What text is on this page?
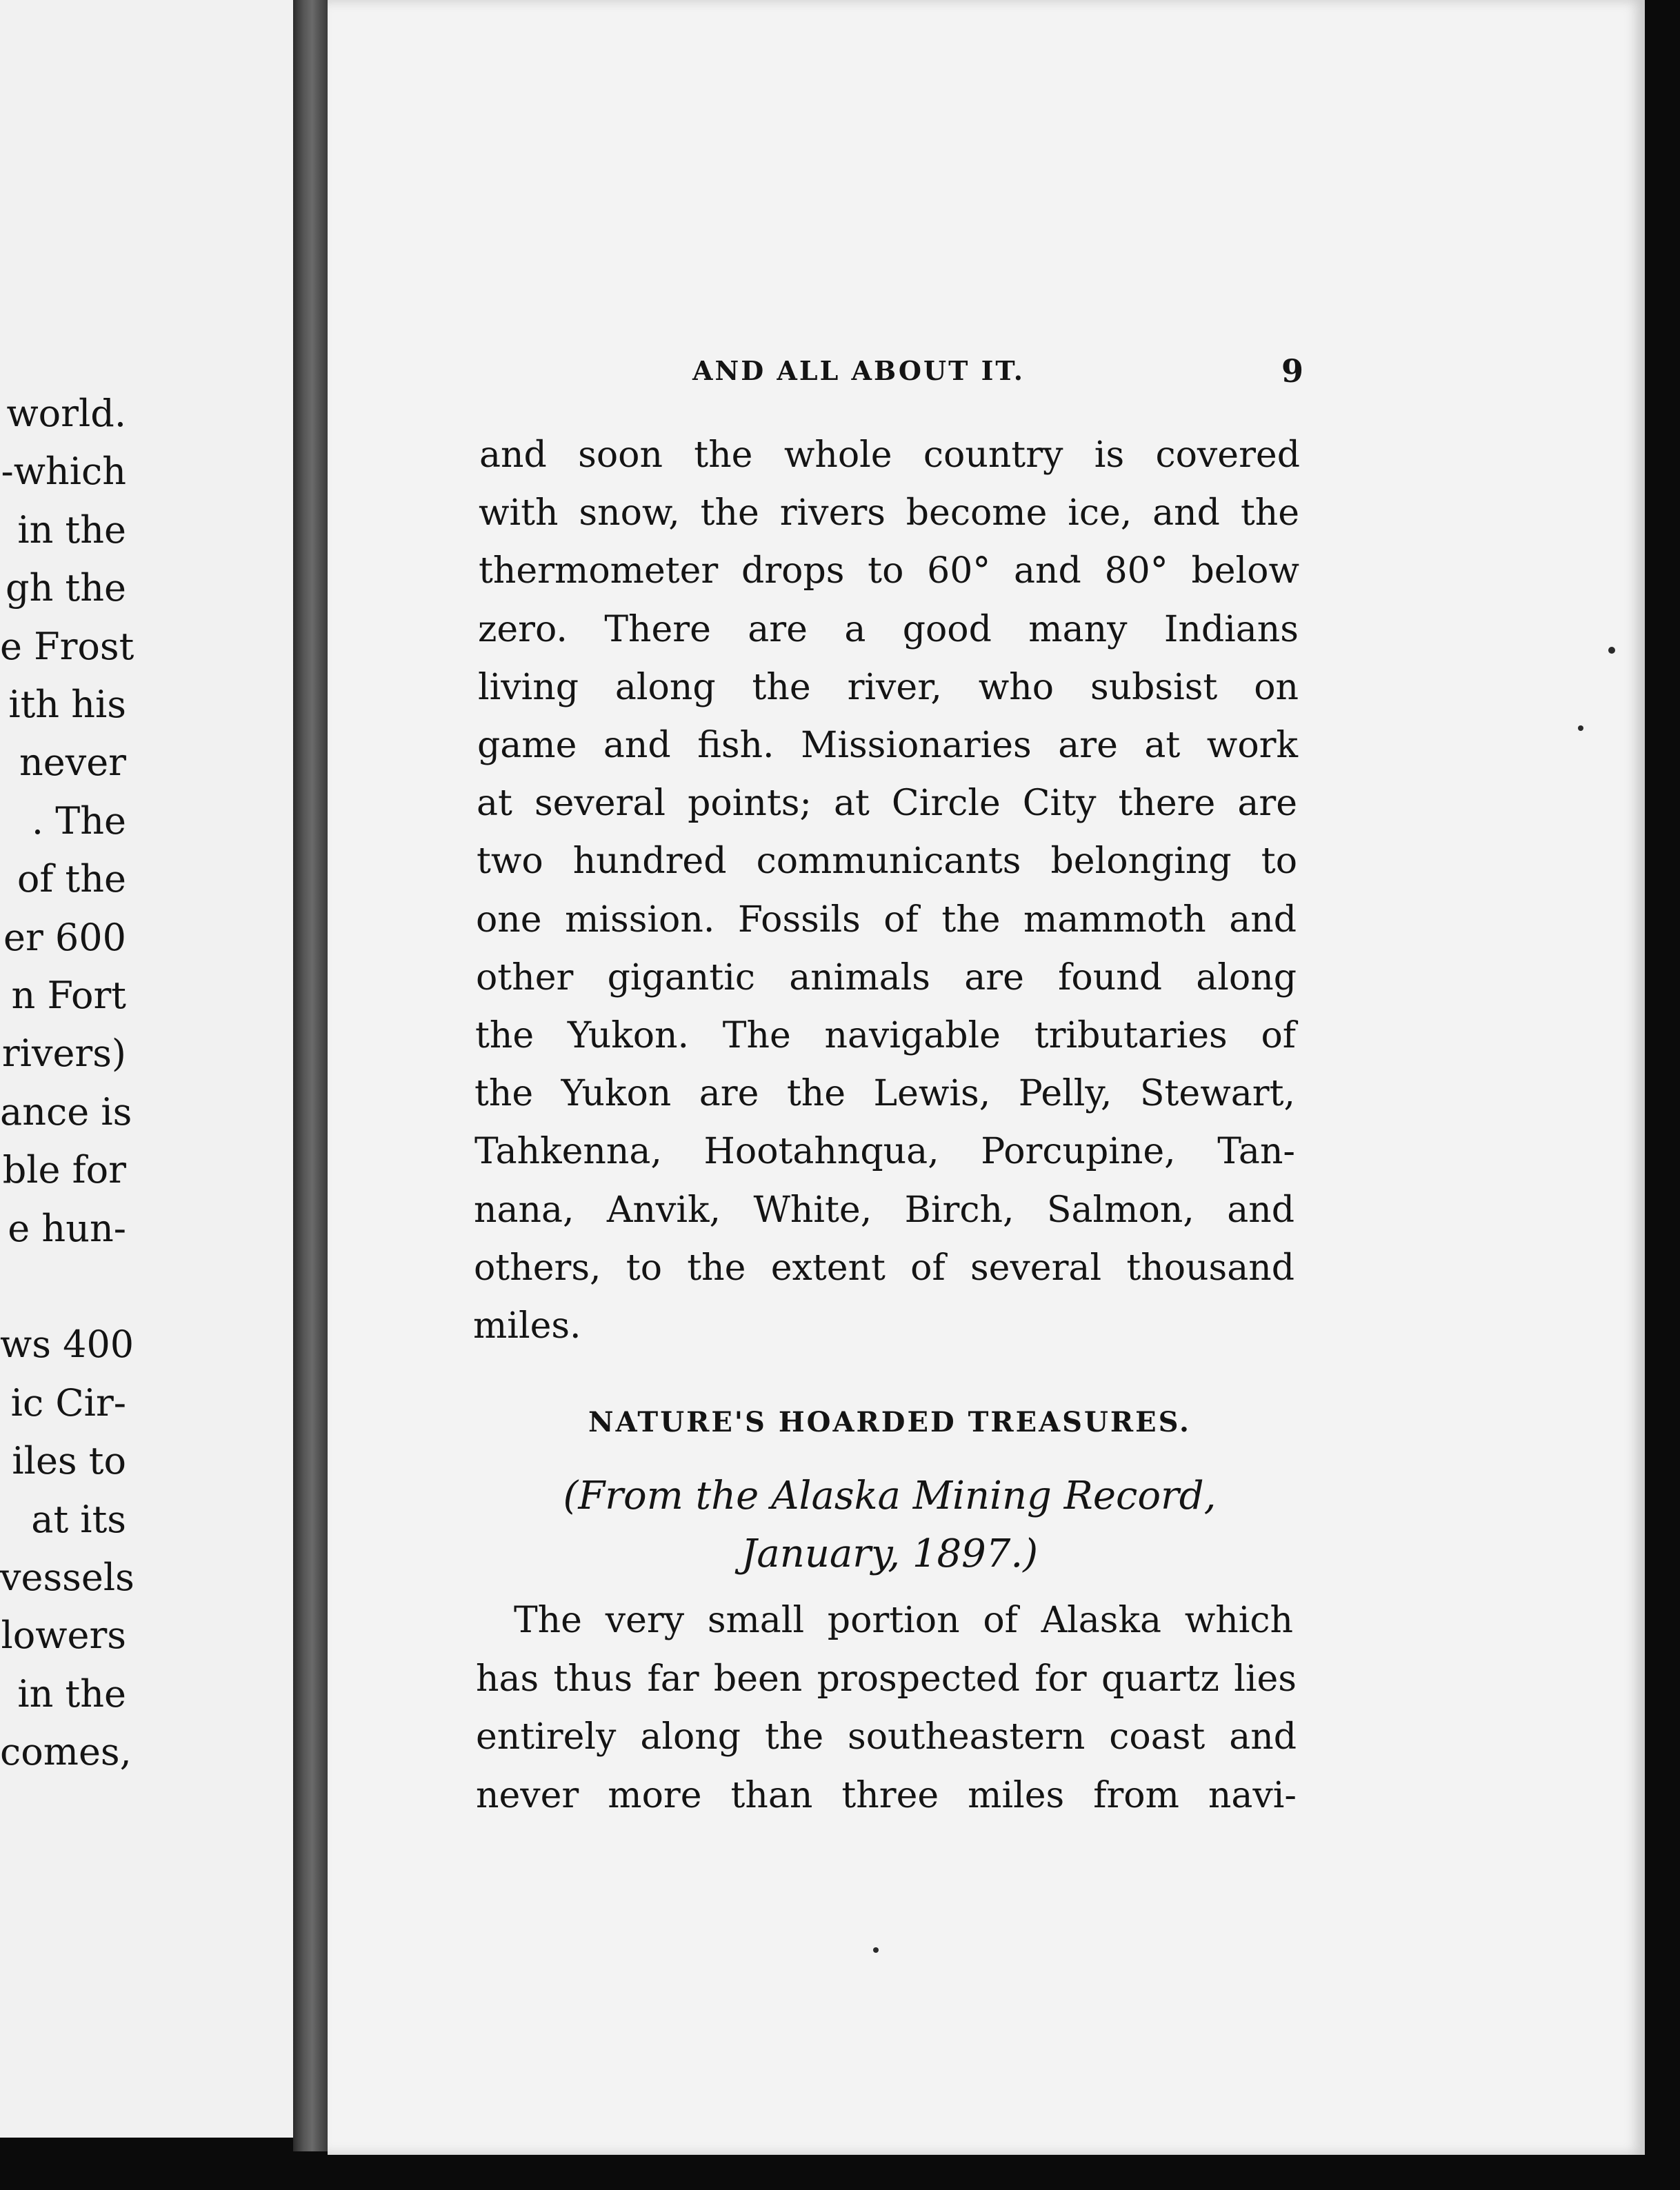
world.
-which
in the
gh the
e Frost
ith his
never
. The
of the
er 600
n Fort
rivers)
ance is
ble for
e hun-
ws 400
ic Cir-
iles to
at its
vessels
lowers
in the
comes,
AND ALL ABOUT IT.	9
and soon the whole country is covered
with snow, the rivers become ice, and the
thermometer drops to 60° and 80° below
zero. There are a good many Indians
living along the river, who subsist on
game and fish. Missionaries are at work
at several points; at Circle City there are
two hundred communicants belonging to
one mission. Fossils of the mammoth and
other gigantic animals are found along
the Yukon. The navigable tributaries of
the Yukon are the Lewis, Pelly, Stewart,
Tahkenna, Hootahnqua, Porcupine, Tan-
nana, Anvik, White, Birch, Salmon, and
others, to the extent of several thousand
miles.
NATURE'S HOARDED TREASURES.
(From the Alaska Mining Record,
January, 1897.)
The very small portion of Alaska which
has thus far been prospected for quartz lies
entirely along the southeastern coast and
never more than three miles from navi-
